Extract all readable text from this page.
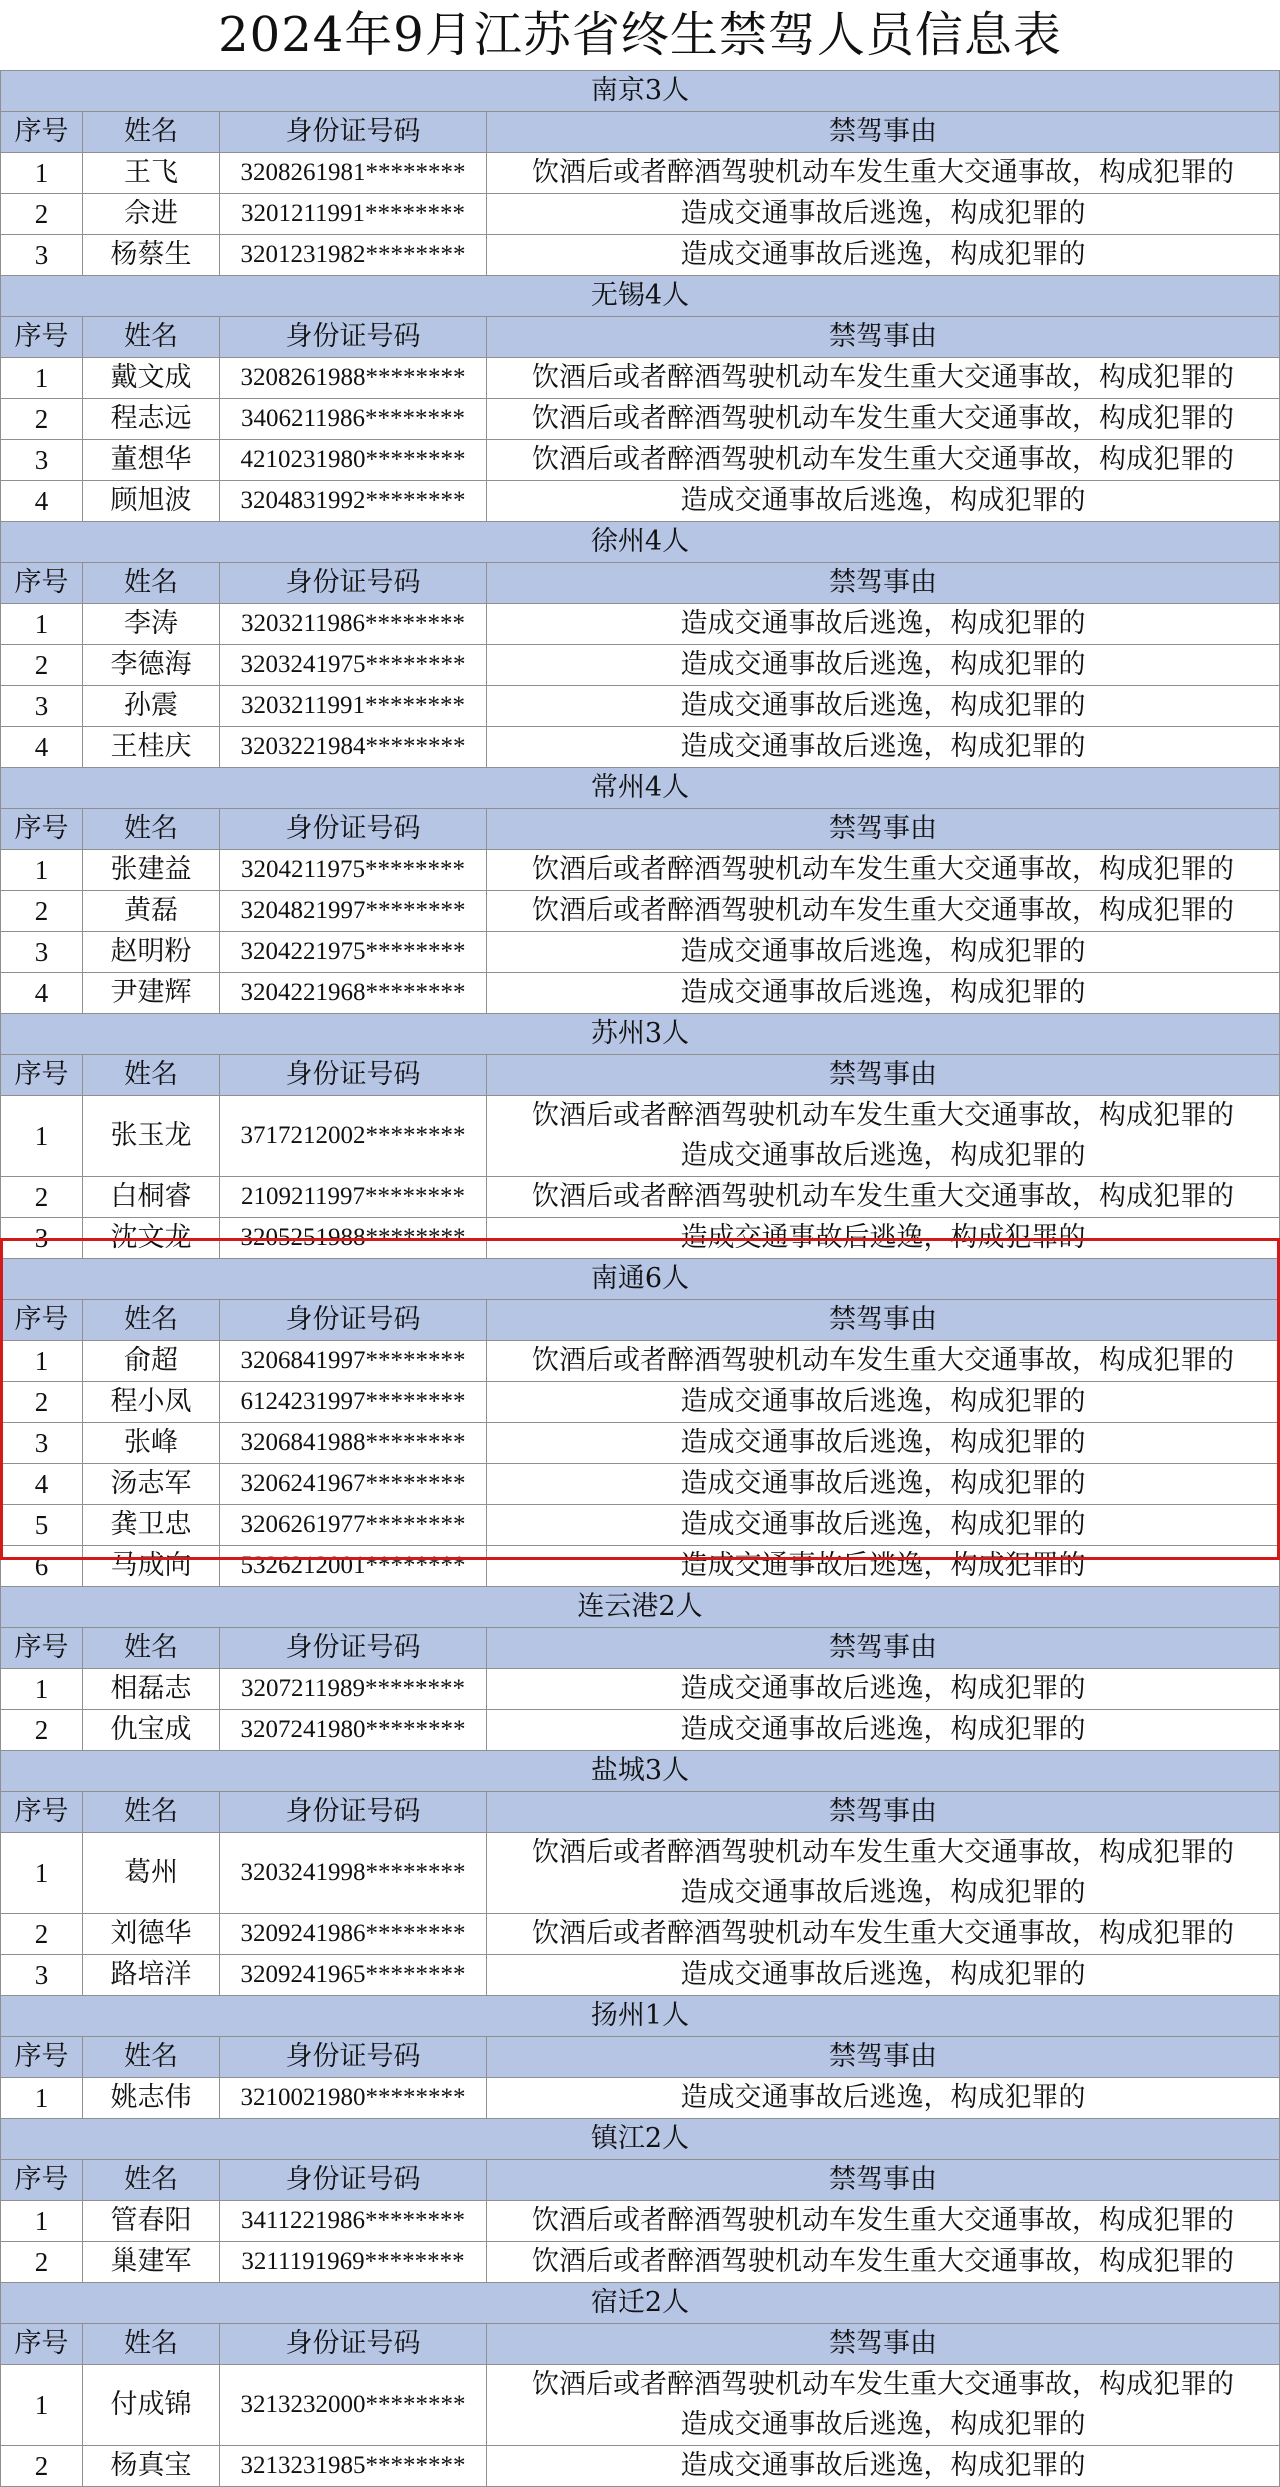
2024年9月江苏省终生禁驾人员信息表
南京3人			
序号	姓名	身份证号码	禁驾事由
1	王飞	3208261981********	饮酒后或者醉酒驾驶机动车发生重大交通事故，构成犯罪的

2	佘进	3201211991********	造成交通事故后逃逸，构成犯罪的

3	杨蔡生	3201231982********	造成交通事故后逃逸，构成犯罪的

无锡4人			
序号	姓名	身份证号码	禁驾事由
1	戴文成	3208261988********	饮酒后或者醉酒驾驶机动车发生重大交通事故，构成犯罪的

2	程志远	3406211986********	饮酒后或者醉酒驾驶机动车发生重大交通事故，构成犯罪的

3	董想华	4210231980********	饮酒后或者醉酒驾驶机动车发生重大交通事故，构成犯罪的

4	顾旭波	3204831992********	造成交通事故后逃逸，构成犯罪的

徐州4人			
序号	姓名	身份证号码	禁驾事由
1	李涛	3203211986********	造成交通事故后逃逸，构成犯罪的

2	李德海	3203241975********	造成交通事故后逃逸，构成犯罪的

3	孙震	3203211991********	造成交通事故后逃逸，构成犯罪的

4	王桂庆	3203221984********	造成交通事故后逃逸，构成犯罪的

常州4人			
序号	姓名	身份证号码	禁驾事由
1	张建益	3204211975********	饮酒后或者醉酒驾驶机动车发生重大交通事故，构成犯罪的

2	黄磊	3204821997********	饮酒后或者醉酒驾驶机动车发生重大交通事故，构成犯罪的

3	赵明粉	3204221975********	造成交通事故后逃逸，构成犯罪的

4	尹建辉	3204221968********	造成交通事故后逃逸，构成犯罪的

苏州3人			
序号	姓名	身份证号码	禁驾事由
1	张玉龙	3717212002********	饮酒后或者醉酒驾驶机动车发生重大交通事故，构成犯罪的
造成交通事故后逃逸，构成犯罪的

2	白桐睿	2109211997********	饮酒后或者醉酒驾驶机动车发生重大交通事故，构成犯罪的

3	沈文龙	3205251988********	造成交通事故后逃逸，构成犯罪的

南通6人			
序号	姓名	身份证号码	禁驾事由
1	俞超	3206841997********	饮酒后或者醉酒驾驶机动车发生重大交通事故，构成犯罪的

2	程小凤	6124231997********	造成交通事故后逃逸，构成犯罪的

3	张峰	3206841988********	造成交通事故后逃逸，构成犯罪的

4	汤志军	3206241967********	造成交通事故后逃逸，构成犯罪的

5	龚卫忠	3206261977********	造成交通事故后逃逸，构成犯罪的

6	马成向	5326212001********	造成交通事故后逃逸，构成犯罪的

连云港2人			
序号	姓名	身份证号码	禁驾事由
1	相磊志	3207211989********	造成交通事故后逃逸，构成犯罪的

2	仇宝成	3207241980********	造成交通事故后逃逸，构成犯罪的

盐城3人			
序号	姓名	身份证号码	禁驾事由
1	葛州	3203241998********	饮酒后或者醉酒驾驶机动车发生重大交通事故，构成犯罪的
造成交通事故后逃逸，构成犯罪的

2	刘德华	3209241986********	饮酒后或者醉酒驾驶机动车发生重大交通事故，构成犯罪的

3	路培洋	3209241965********	造成交通事故后逃逸，构成犯罪的

扬州1人			
序号	姓名	身份证号码	禁驾事由
1	姚志伟	3210021980********	造成交通事故后逃逸，构成犯罪的

镇江2人			
序号	姓名	身份证号码	禁驾事由
1	管春阳	3411221986********	饮酒后或者醉酒驾驶机动车发生重大交通事故，构成犯罪的

2	巢建军	3211191969********	饮酒后或者醉酒驾驶机动车发生重大交通事故，构成犯罪的

宿迁2人			
序号	姓名	身份证号码	禁驾事由
1	付成锦	3213232000********	饮酒后或者醉酒驾驶机动车发生重大交通事故，构成犯罪的
造成交通事故后逃逸，构成犯罪的

2	杨真宝	3213231985********	造成交通事故后逃逸，构成犯罪的
